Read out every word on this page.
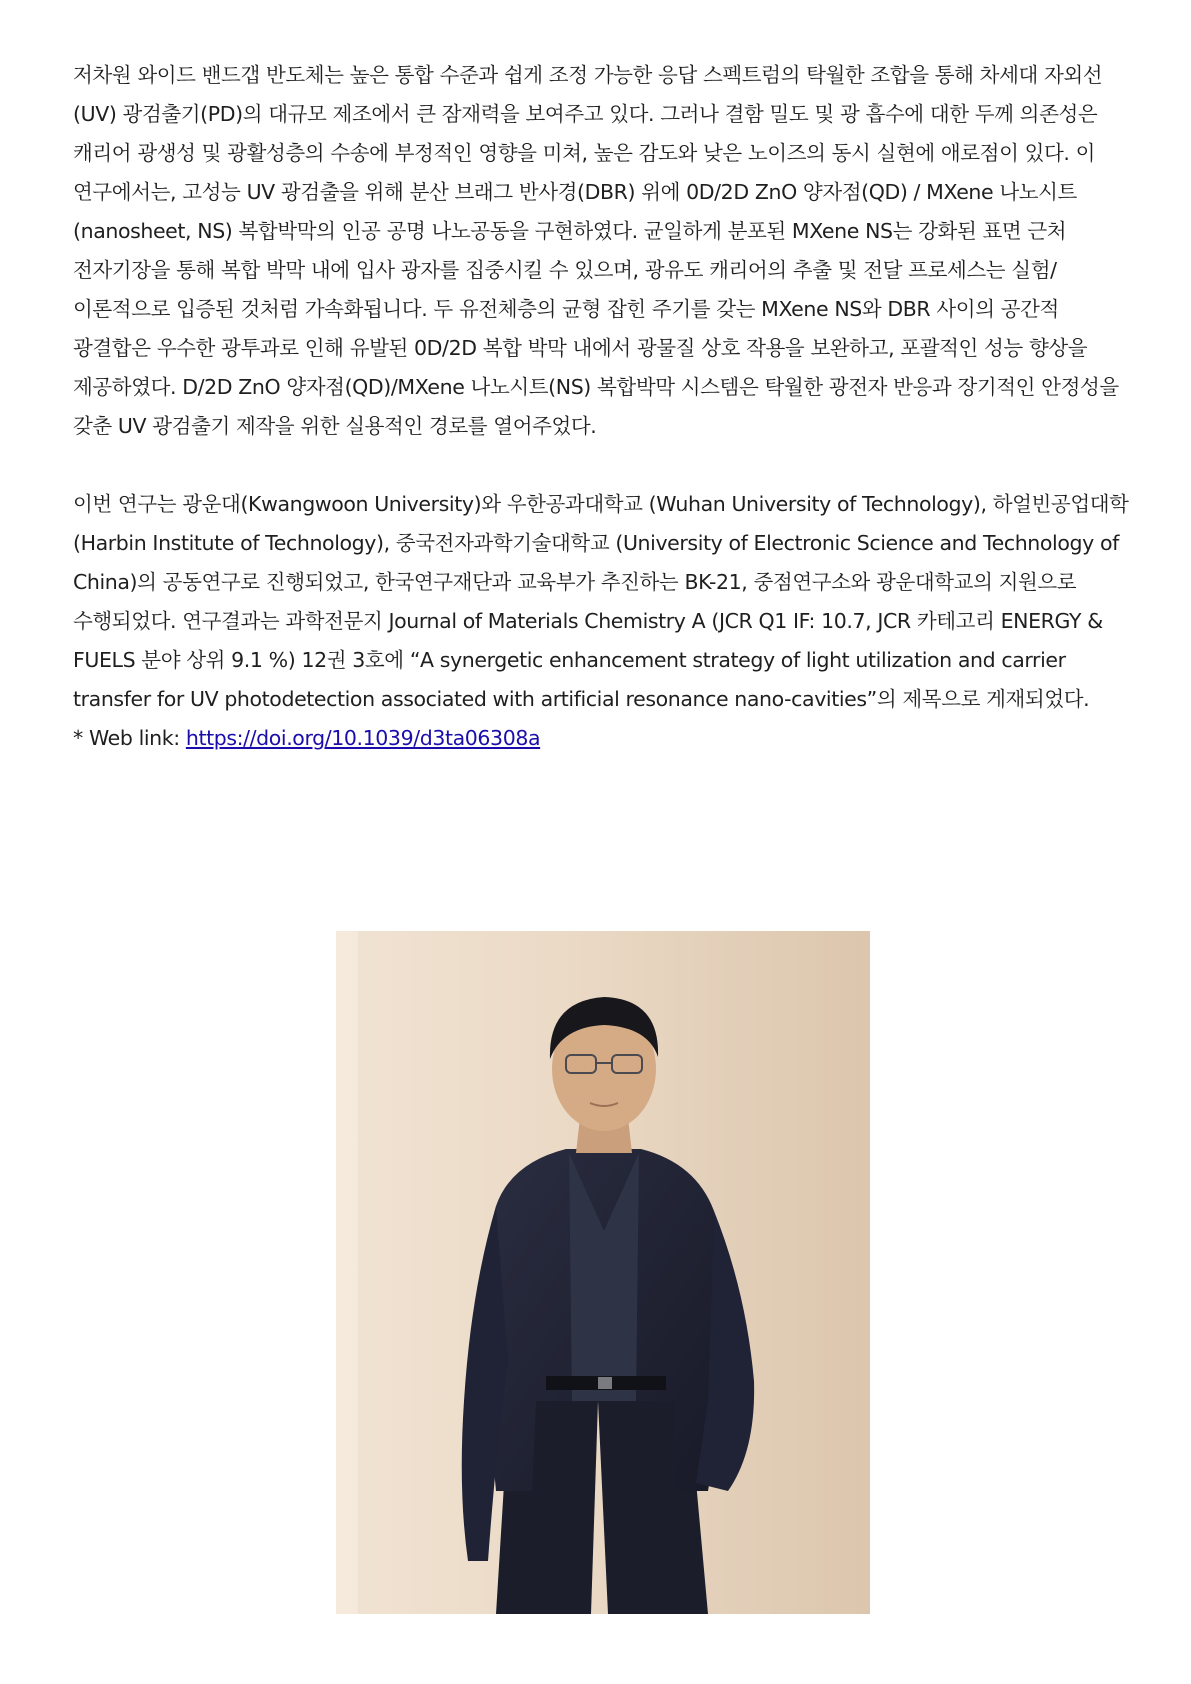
저차원 와이드 밴드갭 반도체는 높은 통합 수준과 쉽게 조정 가능한 응답 스펙트럼의 탁월한 조합을 통해 차세대 자외선(UV) 광검출기(PD)의 대규모 제조에서 큰 잠재력을 보여주고 있다. 그러나 결함 밀도 및 광 흡수에 대한 두께 의존성은 캐리어 광생성 및 광활성층의 수송에 부정적인 영향을 미쳐, 높은 감도와 낮은 노이즈의 동시 실현에 애로점이 있다. 이 연구에서는, 고성능 UV 광검출을 위해 분산 브래그 반사경(DBR) 위에 0D/2D ZnO 양자점(QD) / MXene 나노시트(nanosheet, NS) 복합박막의 인공 공명 나노공동을 구현하였다. 균일하게 분포된 MXene NS는 강화된 표면 근처 전자기장을 통해 복합 박막 내에 입사 광자를 집중시킬 수 있으며, 광유도 캐리어의 추출 및 전달 프로세스는 실험/이론적으로 입증된 것처럼 가속화됩니다. 두 유전체층의 균형 잡힌 주기를 갖는 MXene NS와 DBR 사이의 공간적 광결합은 우수한 광투과로 인해 유발된 0D/2D 복합 박막 내에서 광물질 상호 작용을 보완하고, 포괄적인 성능 향상을 제공하였다. D/2D ZnO 양자점(QD)/MXene 나노시트(NS) 복합박막 시스템은 탁월한 광전자 반응과 장기적인 안정성을 갖춘 UV 광검출기 제작을 위한 실용적인 경로를 열어주었다.

이번 연구는 광운대(Kwangwoon University)와 우한공과대학교 (Wuhan University of Technology), 하얼빈공업대학 (Harbin Institute of Technology), 중국전자과학기술대학교 (University of Electronic Science and Technology of China)의 공동연구로 진행되었고, 한국연구재단과 교육부가 추진하는 BK-21, 중점연구소와 광운대학교의 지원으로 수행되었다. 연구결과는 과학전문지 Journal of Materials Chemistry A (JCR Q1 IF: 10.7, JCR 카테고리 ENERGY & FUELS 분야 상위 9.1 %) 12권 3호에 “A synergetic enhancement strategy of light utilization and carrier transfer for UV photodetection associated with artificial resonance nano-cavities”의 제목으로 게재되었다.

* Web link: https://doi.org/10.1039/d3ta06308a
